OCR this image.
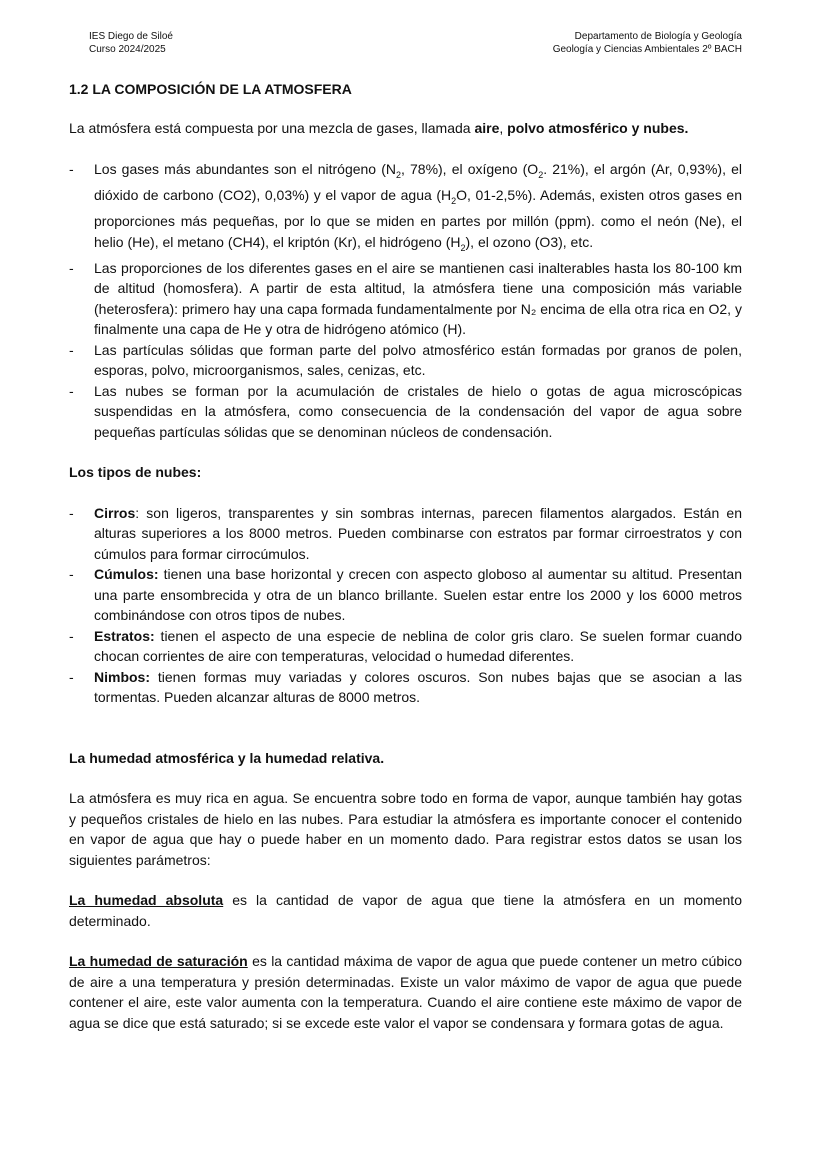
IES Diego de Siloé
Curso 2024/2025
Departamento de Biología y Geología
Geología y Ciencias Ambientales 2º BACH
1.2 LA COMPOSICIÓN DE LA ATMOSFERA

La atmósfera está compuesta por una mezcla de gases, llamada aire, polvo atmosférico y nubes.

- Los gases más abundantes son el nitrógeno ($N_2$, 78%), el oxígeno ($O_2$. 21%), el argón (Ar, 0,93%), el dióxido de carbono (CO2), 0,03%) y el vapor de agua ($H_2O$, 01-2,5%). Además, existen otros gases en proporciones más pequeñas, por lo que se miden en partes por millón (ppm). como el neón (Ne), el helio (He), el metano (CH4), el kriptón (Kr), el hidrógeno $(H_2)$, el ozono (O3), etc.
- Las proporciones de los diferentes gases en el aire se mantienen casi inalterables hasta los 80-100 km de altitud (homosfera). A partir de esta altitud, la atmósfera tiene una composición más variable (heterosfera): primero hay una capa formada fundamentalmente por N₂ encima de ella otra rica en O2, y finalmente una capa de He y otra de hidrógeno atómico (H).
- Las partículas sólidas que forman parte del polvo atmosférico están formadas por granos de polen, esporas, polvo, microorganismos, sales, cenizas, etc.
- Las nubes se forman por la acumulación de cristales de hielo o gotas de agua microscópicas suspendidas en la atmósfera, como consecuencia de la condensación del vapor de agua sobre pequeñas partículas sólidas que se denominan núcleos de condensación.

Los tipos de nubes:

- Cirros: son ligeros, transparentes y sin sombras internas, parecen filamentos alargados. Están en alturas superiores a los 8000 metros. Pueden combinarse con estratos par formar cirroestratos y con cúmulos para formar cirrocúmulos.
- Cúmulos: tienen una base horizontal y crecen con aspecto globoso al aumentar su altitud. Presentan una parte ensombrecida y otra de un blanco brillante. Suelen estar entre los 2000 y los 6000 metros combinándose con otros tipos de nubes.
- Estratos: tienen el aspecto de una especie de neblina de color gris claro. Se suelen formar cuando chocan corrientes de aire con temperaturas, velocidad o humedad diferentes.
- Nimbos: tienen formas muy variadas y colores oscuros. Son nubes bajas que se asocian a las tormentas. Pueden alcanzar alturas de 8000 metros.

La humedad atmosférica y la humedad relativa.

La atmósfera es muy rica en agua. Se encuentra sobre todo en forma de vapor, aunque también hay gotas y pequeños cristales de hielo en las nubes. Para estudiar la atmósfera es importante conocer el contenido en vapor de agua que hay o puede haber en un momento dado. Para registrar estos datos se usan los siguientes parámetros:

La humedad absoluta es la cantidad de vapor de agua que tiene la atmósfera en un momento determinado.

La humedad de saturación es la cantidad máxima de vapor de agua que puede contener un metro cúbico de aire a una temperatura y presión determinadas. Existe un valor máximo de vapor de agua que puede contener el aire, este valor aumenta con la temperatura. Cuando el aire contiene este máximo de vapor de agua se dice que está saturado; si se excede este valor el vapor se condensara y formara gotas de agua.
